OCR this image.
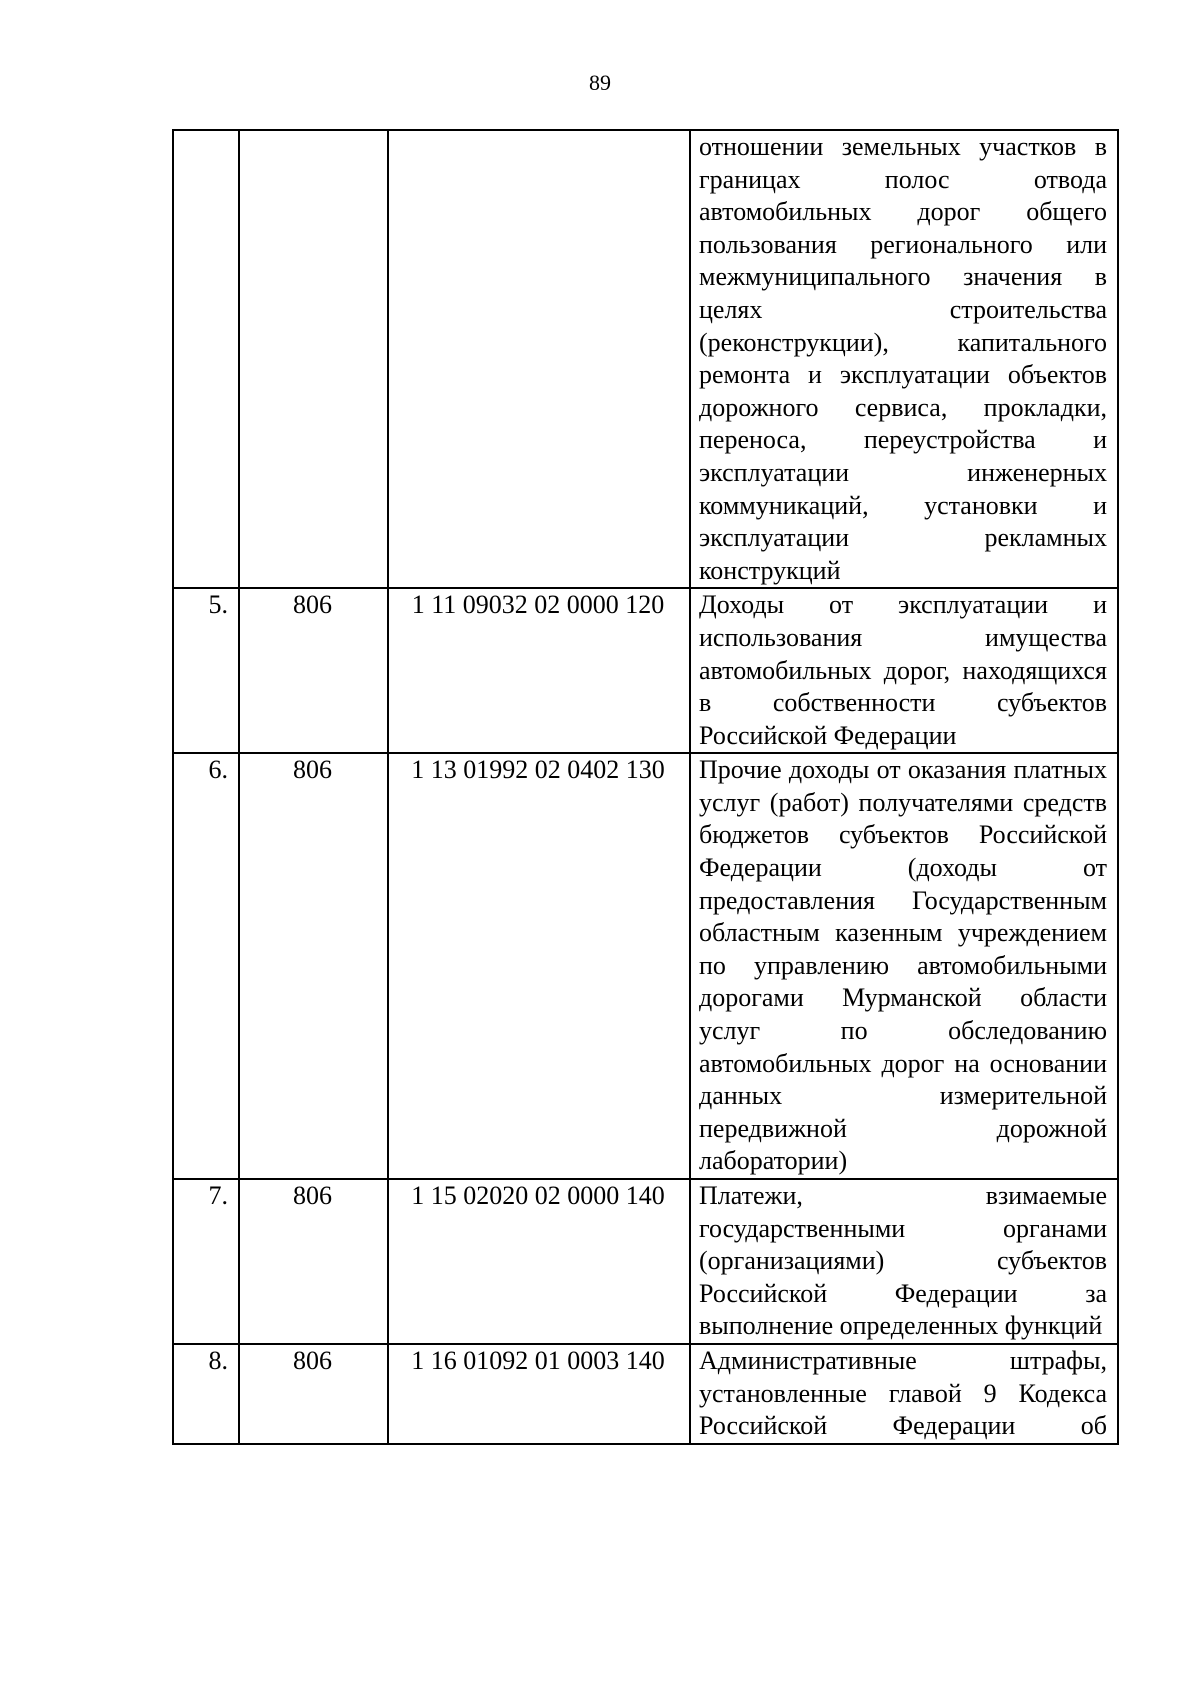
89
			отношении земельных участков в границах полос отвода автомобильных дорог общего пользования регионального или межмуниципального значения в целях строительства (реконструкции), капитального ремонта и эксплуатации объектов дорожного сервиса, прокладки, переноса, переустройства и эксплуатации инженерных коммуникаций, установки и эксплуатации рекламных конструкций
5.	806	1 11 09032 02 0000 120	Доходы от эксплуатации и использования имущества автомобильных дорог, находящихся в собственности субъектов Российской Федерации
6.	806	1 13 01992 02 0402 130	Прочие доходы от оказания платных услуг (работ) получателями средств бюджетов субъектов Российской Федерации (доходы от предоставления Государственным областным казенным учреждением по управлению автомобильными дорогами Мурманской области услуг по обследованию автомобильных дорог на основании данных измерительной передвижной дорожной лаборатории)
7.	806	1 15 02020 02 0000 140	Платежи, взимаемые государственными органами (организациями) субъектов Российской Федерации за выполнение определенных функций
8.	806	1 16 01092 01 0003 140	Административные штрафы, установленные главой 9 Кодекса Российской Федерации об
